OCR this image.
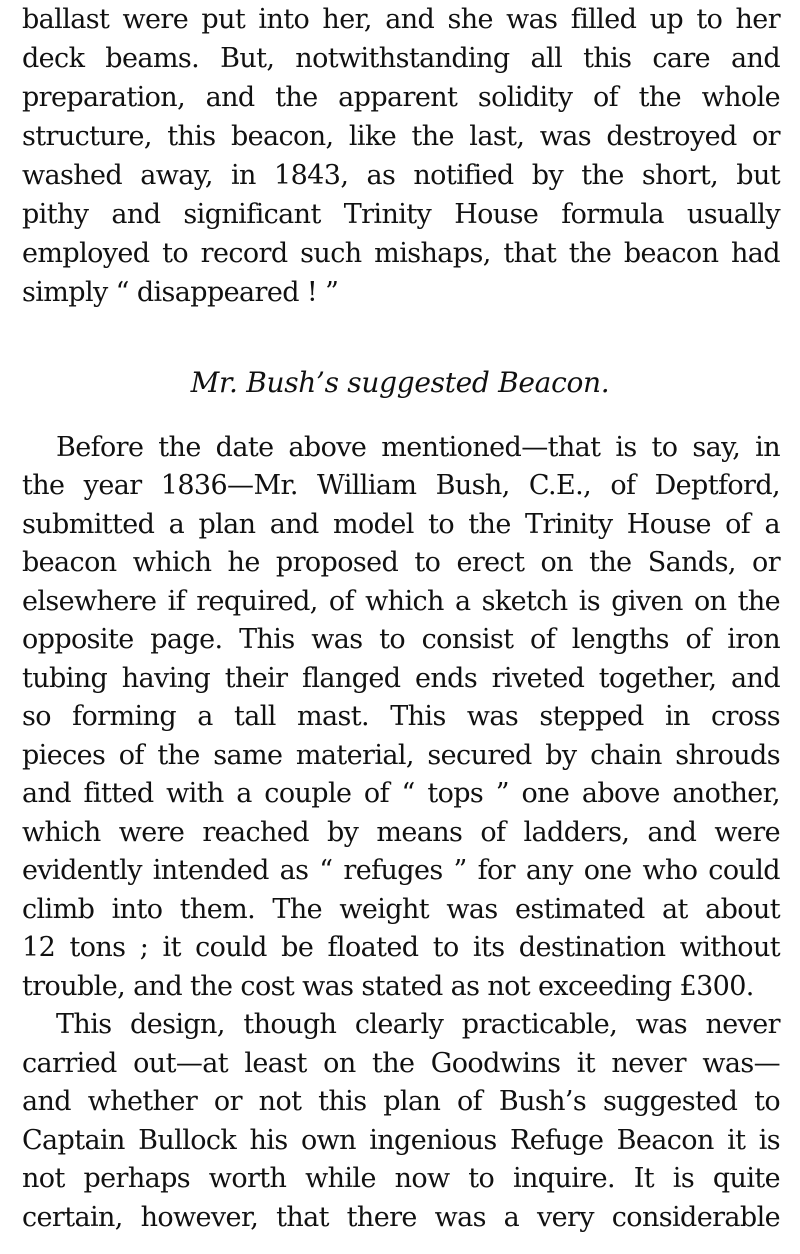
ballast were put into her, and she was filled up to her
deck beams. But, notwithstanding all this care and
preparation, and the apparent solidity of the whole
structure, this beacon, like the last, was destroyed or
washed away, in 1843, as notified by the short, but
pithy and significant Trinity House formula usually
employed to record such mishaps, that the beacon had
simply “ disappeared ! ”
Mr. Bush’s suggested Beacon.
Before the date above mentioned—that is to say, in
the year 1836—Mr. William Bush, C.E., of Deptford,
submitted a plan and model to the Trinity House of a
beacon which he proposed to erect on the Sands, or
elsewhere if required, of which a sketch is given on the
opposite page. This was to consist of lengths of iron
tubing having their flanged ends riveted together, and
so forming a tall mast. This was stepped in cross
pieces of the same material, secured by chain shrouds
and fitted with a couple of “ tops ” one above another,
which were reached by means of ladders, and were
evidently intended as “ refuges ” for any one who could
climb into them. The weight was estimated at about
12 tons ; it could be floated to its destination without
trouble, and the cost was stated as not exceeding £300.
This design, though clearly practicable, was never
carried out—at least on the Goodwins it never was—
and whether or not this plan of Bush’s suggested to
Captain Bullock his own ingenious Refuge Beacon it is
not perhaps worth while now to inquire. It is quite
certain, however, that there was a very considerable
